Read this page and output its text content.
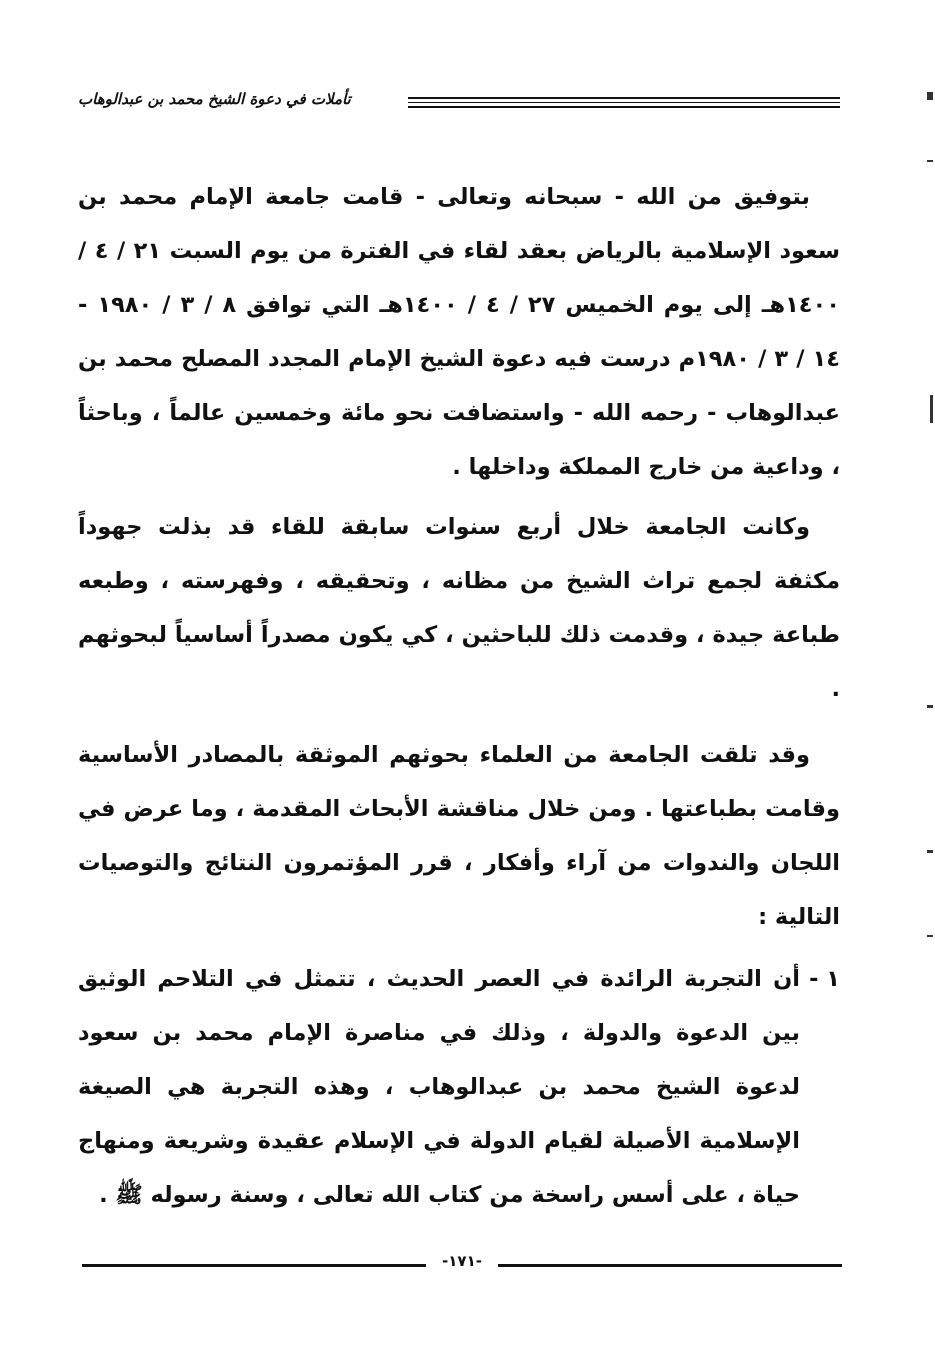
تأملات في دعوة الشيخ محمد بن عبدالوهاب

بتوفيق من الله - سبحانه وتعالى - قامت جامعة الإمام محمد بن سعود الإسلامية بالرياض بعقد لقاء في الفترة من يوم السبت ٢١ / ٤ / ١٤٠٠هـ إلى يوم الخميس ٢٧ / ٤ / ١٤٠٠هـ التي توافق ٨ / ٣ / ١٩٨٠ - ١٤ / ٣ / ١٩٨٠م درست فيه دعوة الشيخ الإمام المجدد المصلح محمد بن عبدالوهاب - رحمه الله - واستضافت نحو مائة وخمسين عالماً ، وباحثاً ، وداعية من خارج المملكة وداخلها .

وكانت الجامعة خلال أربع سنوات سابقة للقاء قد بذلت جهوداً مكثفة لجمع تراث الشيخ من مظانه ، وتحقيقه ، وفهرسته ، وطبعه طباعة جيدة ، وقدمت ذلك للباحثين ، كي يكون مصدراً أساسياً لبحوثهم .

وقد تلقت الجامعة من العلماء بحوثهم الموثقة بالمصادر الأساسية وقامت بطباعتها . ومن خلال مناقشة الأبحاث المقدمة ، وما عرض في اللجان والندوات من آراء وأفكار ، قرر المؤتمرون النتائج والتوصيات التالية :

١ -
أن التجربة الرائدة في العصر الحديث ، تتمثل في التلاحم الوثيق بين الدعوة والدولة ، وذلك في مناصرة الإمام محمد بن سعود لدعوة الشيخ محمد بن عبدالوهاب ، وهذه التجربة هي الصيغة الإسلامية الأصيلة لقيام الدولة في الإسلام عقيدة وشريعة ومنهاج حياة ، على أسس راسخة من كتاب الله تعالى ، وسنة رسوله ﷺ .
-١٧١-
